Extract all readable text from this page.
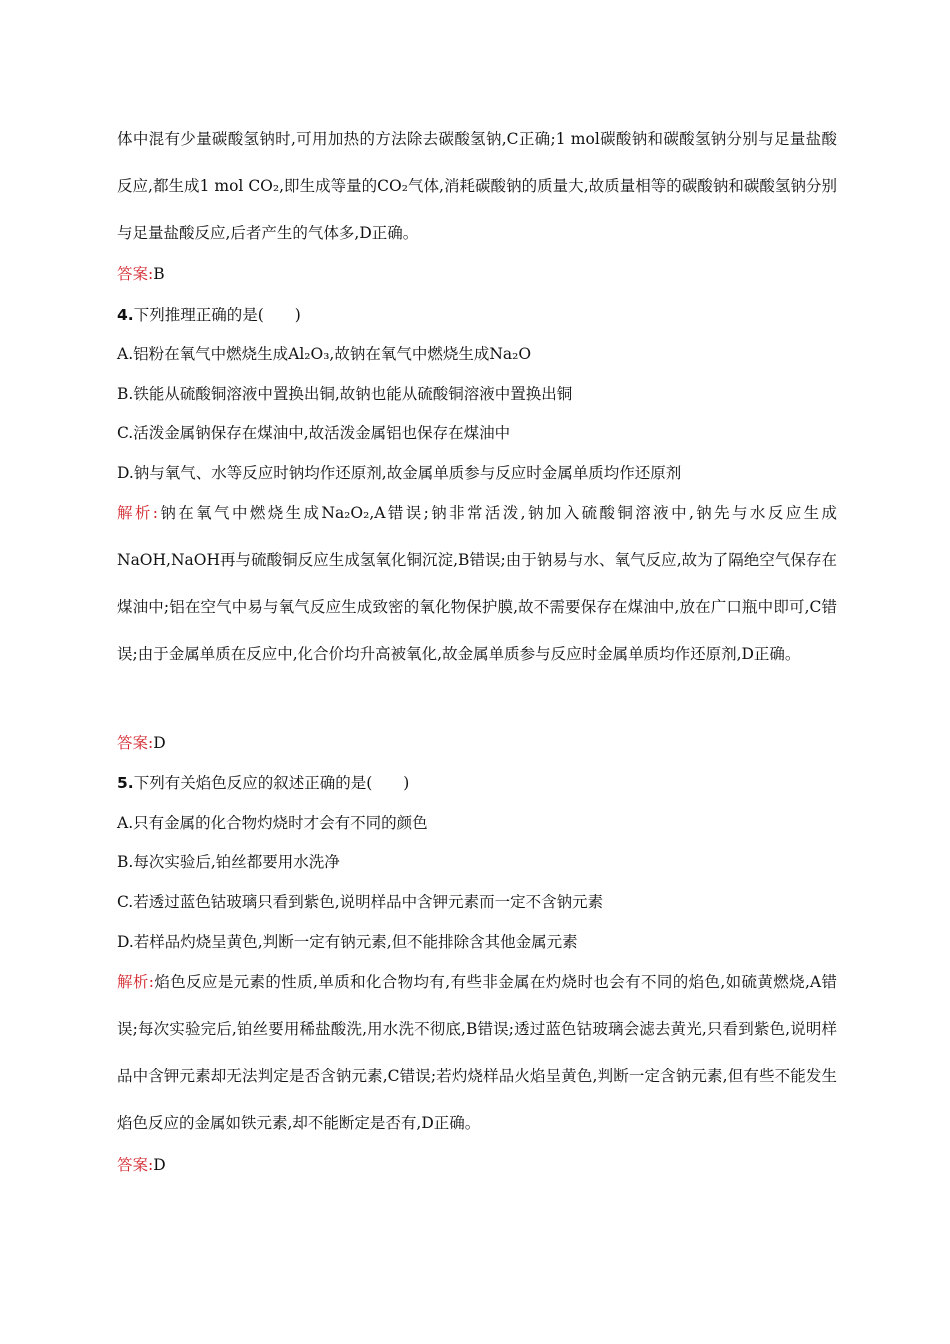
体中混有少量碳酸氢钠时,可用加热的方法除去碳酸氢钠,C正确;1 mol碳酸钠和碳酸氢钠分别与足量盐酸反应,都生成1 mol CO₂,即生成等量的CO₂气体,消耗碳酸钠的质量大,故质量相等的碳酸钠和碳酸氢钠分别与足量盐酸反应,后者产生的气体多,D正确。

答案:B

4.下列推理正确的是(　　)

A.铝粉在氧气中燃烧生成Al₂O₃,故钠在氧气中燃烧生成Na₂O

B.铁能从硫酸铜溶液中置换出铜,故钠也能从硫酸铜溶液中置换出铜

C.活泼金属钠保存在煤油中,故活泼金属铝也保存在煤油中

D.钠与氧气、水等反应时钠均作还原剂,故金属单质参与反应时金属单质均作还原剂

解析:钠在氧气中燃烧生成Na₂O₂,A错误;钠非常活泼,钠加入硫酸铜溶液中,钠先与水反应生成NaOH,NaOH再与硫酸铜反应生成氢氧化铜沉淀,B错误;由于钠易与水、氧气反应,故为了隔绝空气保存在煤油中;铝在空气中易与氧气反应生成致密的氧化物保护膜,故不需要保存在煤油中,放在广口瓶中即可,C错误;由于金属单质在反应中,化合价均升高被氧化,故金属单质参与反应时金属单质均作还原剂,D正确。

答案:D

5.下列有关焰色反应的叙述正确的是(　　)

A.只有金属的化合物灼烧时才会有不同的颜色

B.每次实验后,铂丝都要用水洗净

C.若透过蓝色钴玻璃只看到紫色,说明样品中含钾元素而一定不含钠元素

D.若样品灼烧呈黄色,判断一定有钠元素,但不能排除含其他金属元素

解析:焰色反应是元素的性质,单质和化合物均有,有些非金属在灼烧时也会有不同的焰色,如硫黄燃烧,A错误;每次实验完后,铂丝要用稀盐酸洗,用水洗不彻底,B错误;透过蓝色钴玻璃会滤去黄光,只看到紫色,说明样品中含钾元素却无法判定是否含钠元素,C错误;若灼烧样品火焰呈黄色,判断一定含钠元素,但有些不能发生焰色反应的金属如铁元素,却不能断定是否有,D正确。

答案:D
